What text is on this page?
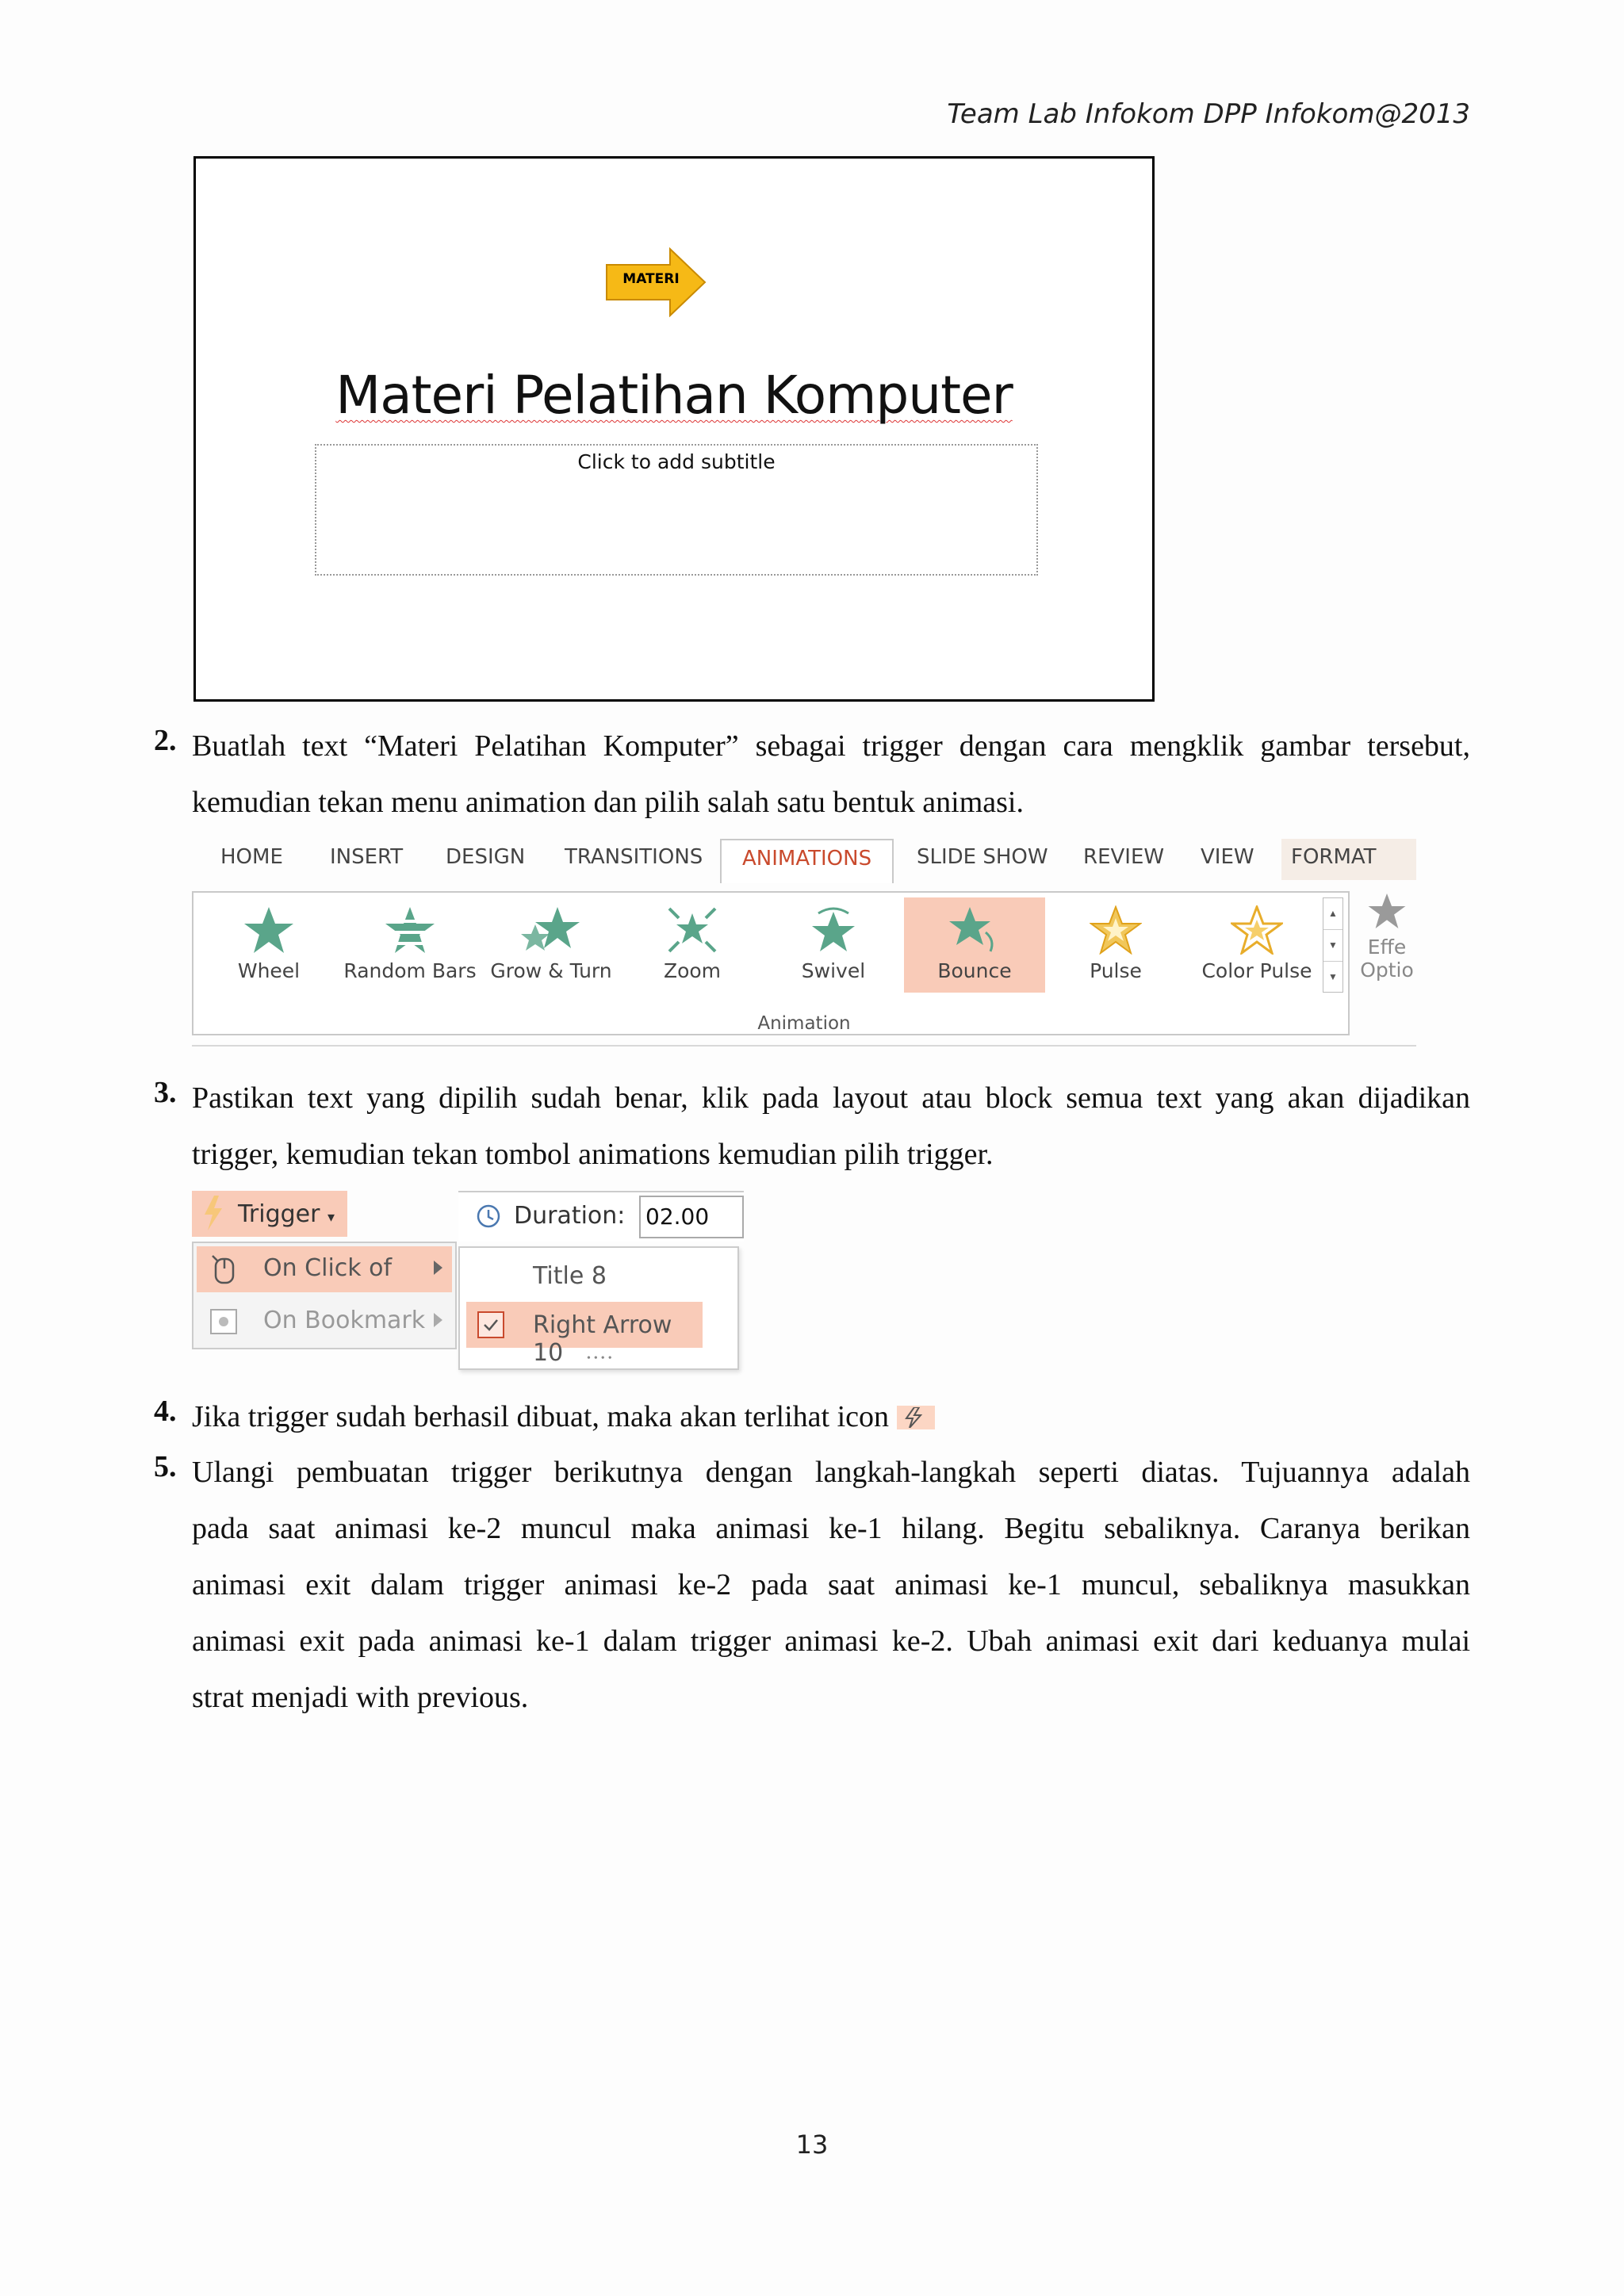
Team Lab Infokom DPP Infokom@2013
MATERI
Materi Pelatihan Komputer
Click to add subtitle
2. Buatlah text “Materi Pelatihan Komputer” sebagai trigger dengan cara mengklik gambar tersebut,
kemudian tekan menu animation dan pilih salah satu bentuk animasi.
HOME INSERT DESIGN TRANSITIONS	ANIMATIONS	SLIDE SHOW REVIEW VIEW	FORMAT
Wheel	Random Bars Grow & Turn	Zoom	Swivel	Bounce	Pulse	Color Pulse
▲
▼
▼
Effe
Optio
Animation
3. Pastikan text yang dipilih sudah benar, klik pada layout atau block semua text yang akan dijadikan
trigger, kemudian tekan tombol animations kemudian pilih trigger.
Trigger ▾
On Click of
On Bookmark
Duration: 02.00
Title 8
Right Arrow 10	••••
4. Jika trigger sudah berhasil dibuat, maka akan terlihat icon
5. Ulangi pembuatan trigger berikutnya dengan langkah-langkah seperti diatas. Tujuannya adalah
pada saat animasi ke-2 muncul maka animasi ke-1 hilang. Begitu sebaliknya. Caranya berikan
animasi exit dalam trigger animasi ke-2 pada saat animasi ke-1 muncul, sebaliknya masukkan
animasi exit pada animasi ke-1 dalam trigger animasi ke-2. Ubah animasi exit dari keduanya mulai
strat menjadi with previous.
13
